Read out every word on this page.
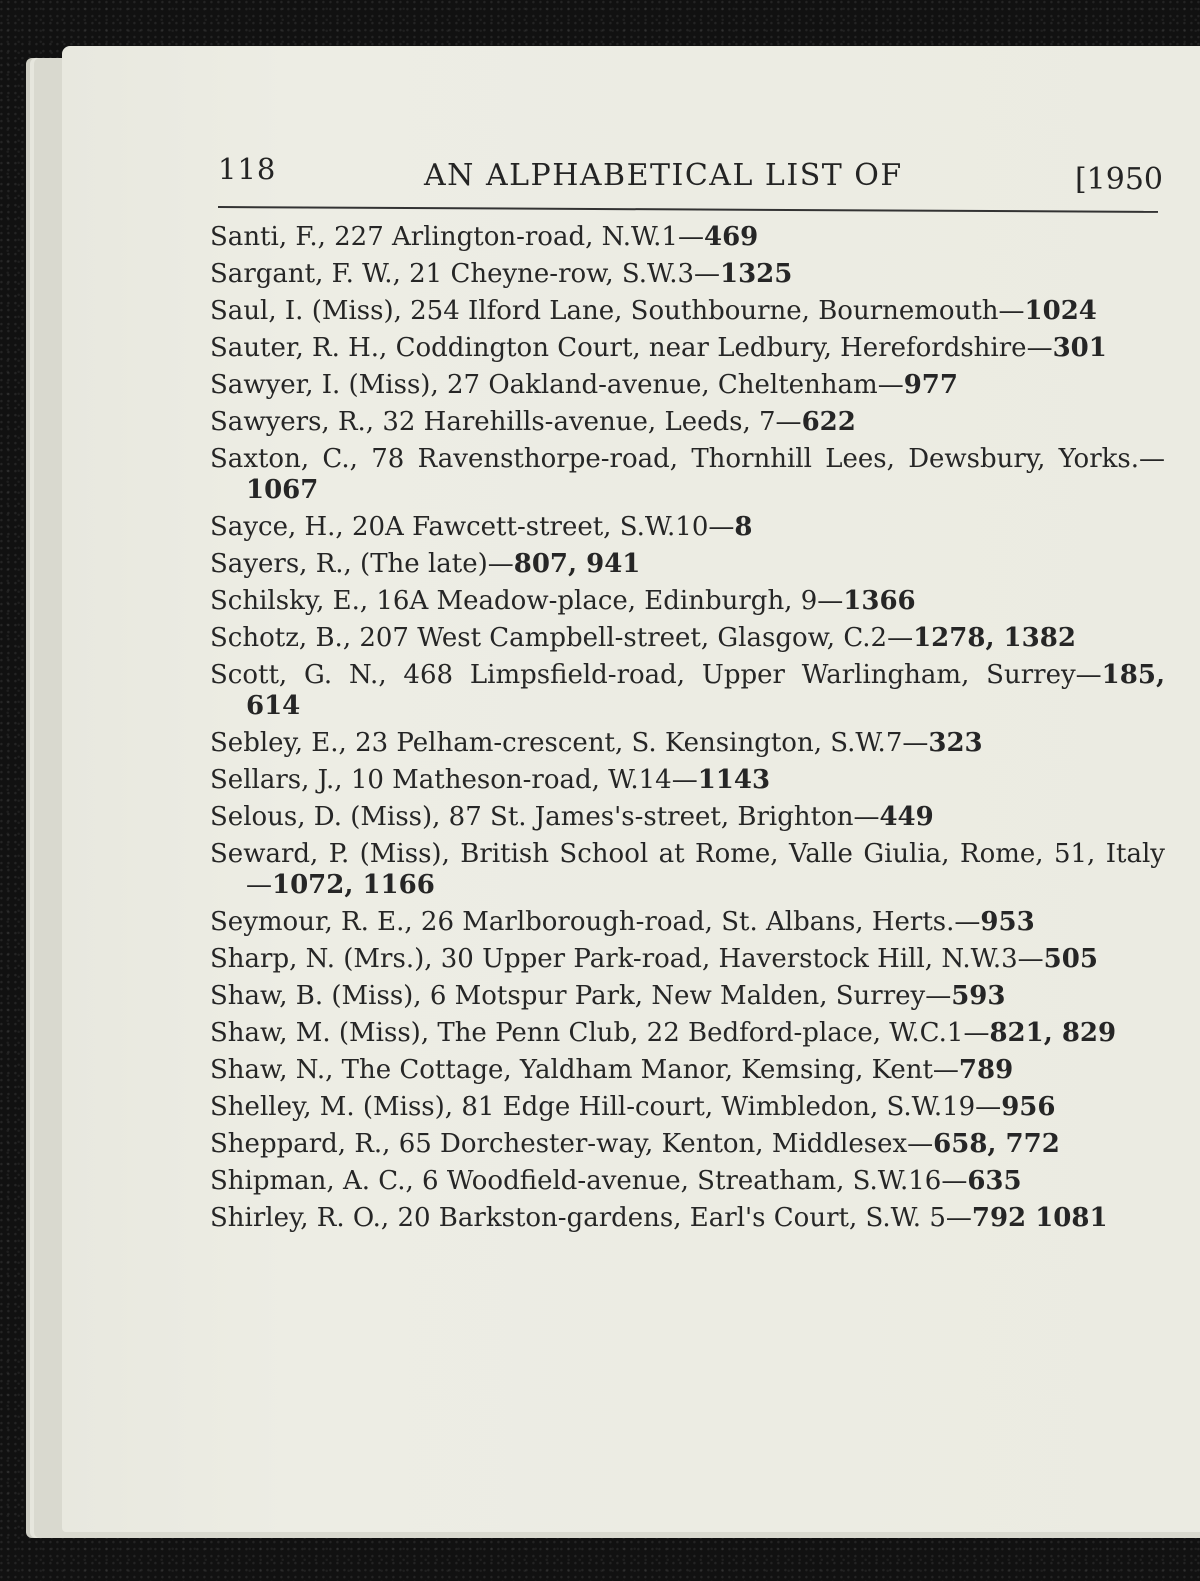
118	AN ALPHABETICAL LIST OF	[1950
Santi, F., 227 Arlington-road, N.W.1—469
Sargant, F. W., 21 Cheyne-row, S.W.3—1325
Saul, I. (Miss), 254 Ilford Lane, Southbourne, Bournemouth—1024
Sauter, R. H., Coddington Court, near Ledbury, Herefordshire—301
Sawyer, I. (Miss), 27 Oakland-avenue, Cheltenham—977
Sawyers, R., 32 Harehills-avenue, Leeds, 7—622
Saxton, C., 78 Ravensthorpe-road, Thornhill Lees, Dewsbury, Yorks.—1067
Sayce, H., 20A Fawcett-street, S.W.10—8
Sayers, R., (The late)—807, 941
Schilsky, E., 16A Meadow-place, Edinburgh, 9—1366
Schotz, B., 207 West Campbell-street, Glasgow, C.2—1278, 1382
Scott, G. N., 468 Limpsfield-road, Upper Warlingham, Surrey—185, 614
Sebley, E., 23 Pelham-crescent, S. Kensington, S.W.7—323
Sellars, J., 10 Matheson-road, W.14—1143
Selous, D. (Miss), 87 St. James's-street, Brighton—449
Seward, P. (Miss), British School at Rome, Valle Giulia, Rome, 51, Italy—1072, 1166
Seymour, R. E., 26 Marlborough-road, St. Albans, Herts.—953
Sharp, N. (Mrs.), 30 Upper Park-road, Haverstock Hill, N.W.3—505
Shaw, B. (Miss), 6 Motspur Park, New Malden, Surrey—593
Shaw, M. (Miss), The Penn Club, 22 Bedford-place, W.C.1—821, 829
Shaw, N., The Cottage, Yaldham Manor, Kemsing, Kent—789
Shelley, M. (Miss), 81 Edge Hill-court, Wimbledon, S.W.19—956
Sheppard, R., 65 Dorchester-way, Kenton, Middlesex—658, 772
Shipman, A. C., 6 Woodfield-avenue, Streatham, S.W.16—635
Shirley, R. O., 20 Barkston-gardens, Earl's Court, S.W. 5—792 1081
